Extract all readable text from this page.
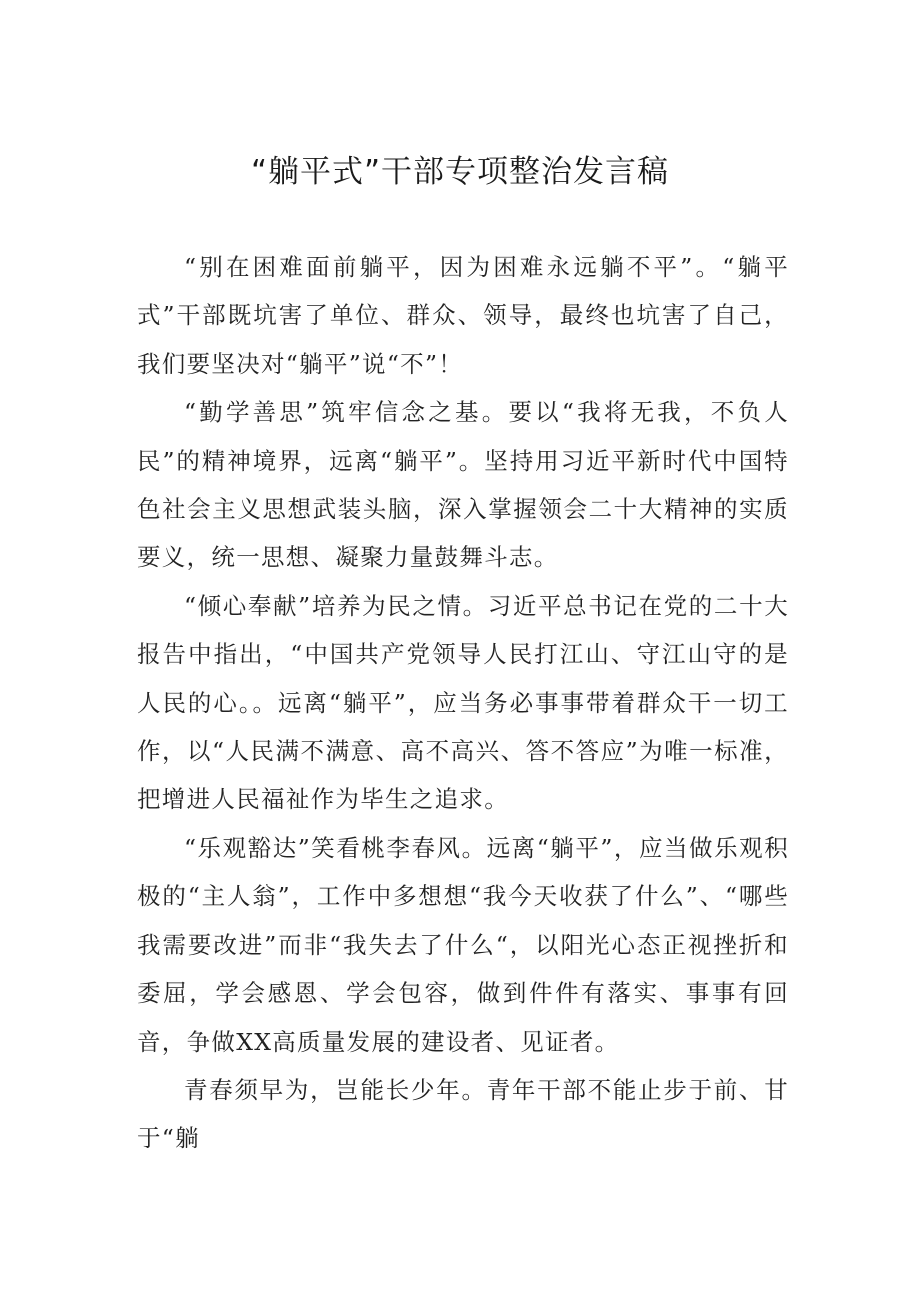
“躺平式”干部专项整治发言稿

“别在困难面前躺平，因为困难永远躺不平”。“躺平式”干部既坑害了单位、群众、领导，最终也坑害了自己，我们要坚决对“躺平”说“不”！

“勤学善思”筑牢信念之基。要以“我将无我，不负人民”的精神境界，远离“躺平”。坚持用习近平新时代中国特色社会主义思想武装头脑，深入掌握领会二十大精神的实质要义，统一思想、凝聚力量鼓舞斗志。

“倾心奉献”培养为民之情。习近平总书记在党的二十大报告中指出，“中国共产党领导人民打江山、守江山守的是人民的心。。远离“躺平”，应当务必事事带着群众干一切工作，以“人民满不满意、高不高兴、答不答应”为唯一标准，把增进人民福祉作为毕生之追求。

“乐观豁达”笑看桃李春风。远离“躺平”，应当做乐观积极的“主人翁”，工作中多想想“我今天收获了什么”、“哪些我需要改进”而非“我失去了什么“，以阳光心态正视挫折和委屈，学会感恩、学会包容，做到件件有落实、事事有回音，争做XX高质量发展的建设者、见证者。

青春须早为，岂能长少年。青年干部不能止步于前、甘于“躺
